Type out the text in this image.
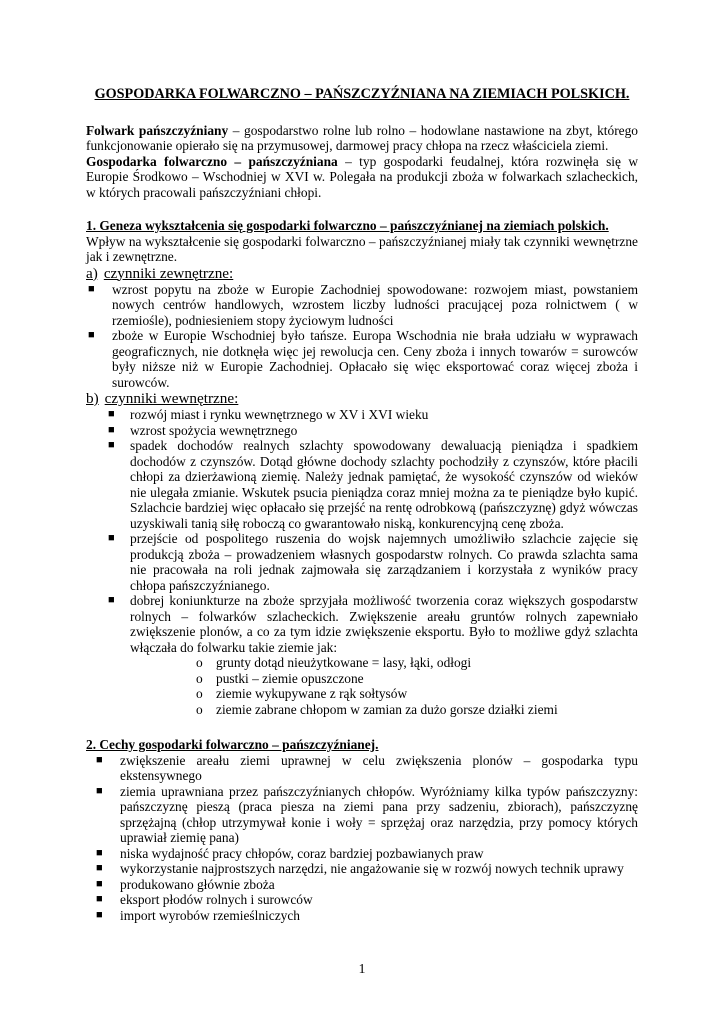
GOSPODARKA FOLWARCZNO – PAŃSZCZYŹNIANA NA ZIEMIACH POLSKICH.

Folwark pańszczyźniany – gospodarstwo rolne lub rolno – hodowlane nastawione na zbyt, którego funkcjonowanie opierało się na przymusowej, darmowej pracy chłopa na rzecz właściciela ziemi.

Gospodarka folwarczno – pańszczyźniana – typ gospodarki feudalnej, która rozwinęła się w Europie Środkowo – Wschodniej w XVI w. Polegała na produkcji zboża w folwarkach szlacheckich, w których pracowali pańszczyźniani chłopi.

1. Geneza wykształcenia się gospodarki folwarczno – pańszczyźnianej na ziemiach polskich.

Wpływ na wykształcenie się gospodarki folwarczno – pańszczyźnianej miały tak czynniki wewnętrzne jak i zewnętrzne.

a) czynniki zewnętrzne:
■ wzrost popytu na zboże w Europie Zachodniej spowodowane: rozwojem miast, powstaniem nowych centrów handlowych, wzrostem liczby ludności pracującej poza rolnictwem ( w rzemiośle), podniesieniem stopy życiowym ludności
■ zboże w Europie Wschodniej było tańsze. Europa Wschodnia nie brała udziału w wyprawach geograficznych, nie dotknęła więc jej rewolucja cen. Ceny zboża i innych towarów = surowców były niższe niż w Europie Zachodniej. Opłacało się więc eksportować coraz więcej zboża i surowców.
b) czynniki wewnętrzne:
■ rozwój miast i rynku wewnętrznego w XV i XVI wieku
■ wzrost spożycia wewnętrznego
■ spadek dochodów realnych szlachty spowodowany dewaluacją pieniądza i spadkiem dochodów z czynszów. Dotąd główne dochody szlachty pochodziły z czynszów, które płacili chłopi za dzierżawioną ziemię. Należy jednak pamiętać, że wysokość czynszów od wieków nie ulegała zmianie. Wskutek psucia pieniądza coraz mniej można za te pieniądze było kupić. Szlachcie bardziej więc opłacało się przejść na rentę odrobkową (pańszczyznę) gdyż wówczas uzyskiwali tanią siłę roboczą co gwarantowało niską, konkurencyjną cenę zboża.
■ przejście od pospolitego ruszenia do wojsk najemnych umożliwiło szlachcie zajęcie się produkcją zboża – prowadzeniem własnych gospodarstw rolnych. Co prawda szlachta sama nie pracowała na roli jednak zajmowała się zarządzaniem i korzystała z wyników pracy chłopa pańszczyźnianego.
■ dobrej koniunkturze na zboże sprzyjała możliwość tworzenia coraz większych gospodarstw rolnych – folwarków szlacheckich. Zwiększenie areału gruntów rolnych zapewniało zwiększenie plonów, a co za tym idzie zwiększenie eksportu. Było to możliwe gdyż szlachta włączała do folwarku takie ziemie jak:
o grunty dotąd nieużytkowane = lasy, łąki, odłogi
o pustki – ziemie opuszczone
o ziemie wykupywane z rąk sołtysów
o ziemie zabrane chłopom w zamian za dużo gorsze działki ziemi

2. Cechy gospodarki folwarczno – pańszczyźnianej.

■ zwiększenie areału ziemi uprawnej w celu zwiększenia plonów – gospodarka typu ekstensywnego
■ ziemia uprawniana przez pańszczyźnianych chłopów. Wyróżniamy kilka typów pańszczyzny: pańszczyznę pieszą (praca piesza na ziemi pana przy sadzeniu, zbiorach), pańszczyznę sprzężajną (chłop utrzymywał konie i woły = sprzężaj oraz narzędzia, przy pomocy których uprawiał ziemię pana)
■ niska wydajność pracy chłopów, coraz bardziej pozbawianych praw
■ wykorzystanie najprostszych narzędzi, nie angażowanie się w rozwój nowych technik uprawy
■ produkowano głównie zboża
■ eksport płodów rolnych i surowców
■ import wyrobów rzemieślniczych
1
